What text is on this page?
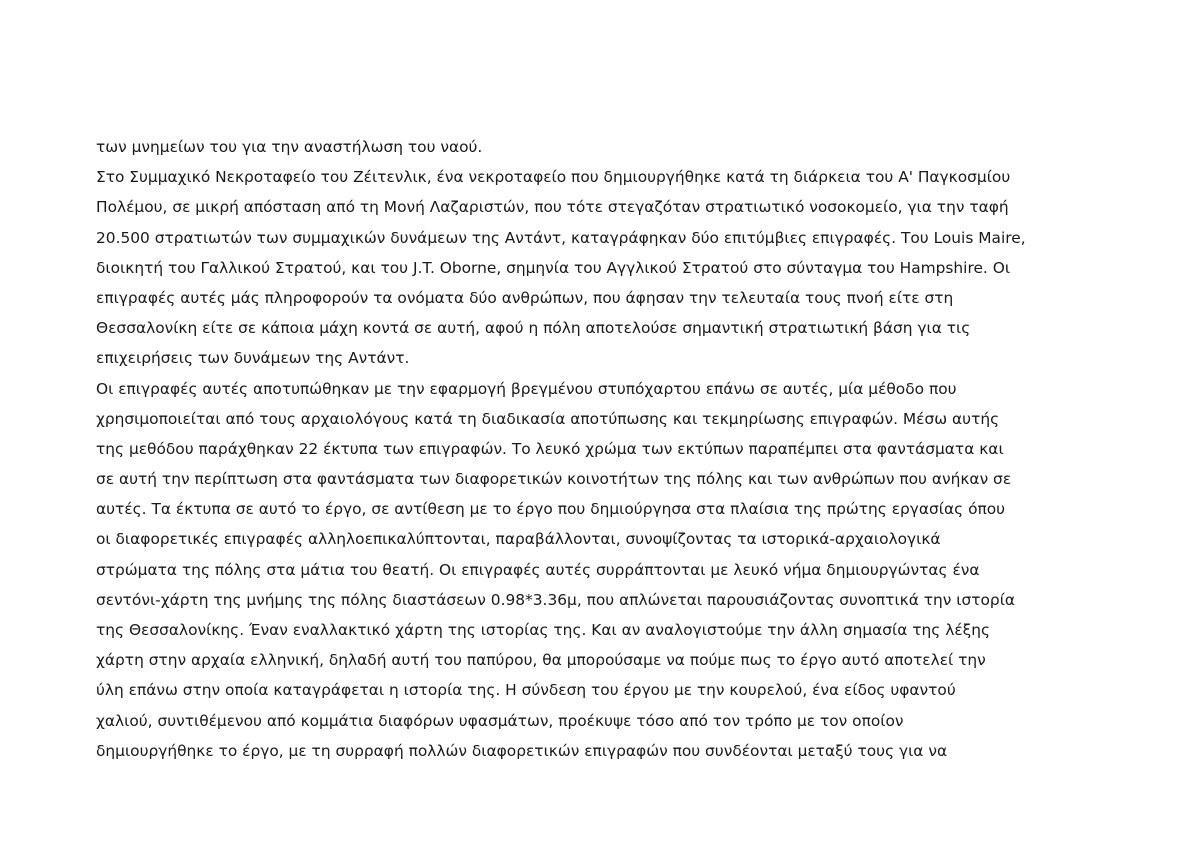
των μνημείων του για την αναστήλωση του ναού.
Στο Συμμαχικό Νεκροταφείο του Ζέιτενλικ, ένα νεκροταφείο που δημιουργήθηκε κατά τη διάρκεια του Α' Παγκοσμίου
Πολέμου, σε μικρή απόσταση από τη Μονή Λαζαριστών, που τότε στεγαζόταν στρατιωτικό νοσοκομείο, για την ταφή
20.500 στρατιωτών των συμμαχικών δυνάμεων της Αντάντ, καταγράφηκαν δύο επιτύμβιες επιγραφές. Του Louis Maire,
διοικητή του Γαλλικού Στρατού, και του J.T. Oborne, σημηνία του Αγγλικού Στρατού στο σύνταγμα του Hampshire. Οι
επιγραφές αυτές μάς πληροφορούν τα ονόματα δύο ανθρώπων, που άφησαν την τελευταία τους πνοή είτε στη
Θεσσαλονίκη είτε σε κάποια μάχη κοντά σε αυτή, αφού η πόλη αποτελούσε σημαντική στρατιωτική βάση για τις
επιχειρήσεις των δυνάμεων της Αντάντ.
Οι επιγραφές αυτές αποτυπώθηκαν με την εφαρμογή βρεγμένου στυπόχαρτου επάνω σε αυτές, μία μέθοδο που
χρησιμοποιείται από τους αρχαιολόγους κατά τη διαδικασία αποτύπωσης και τεκμηρίωσης επιγραφών. Μέσω αυτής
της μεθόδου παράχθηκαν 22 έκτυπα των επιγραφών. Το λευκό χρώμα των εκτύπων παραπέμπει στα φαντάσματα και
σε αυτή την περίπτωση στα φαντάσματα των διαφορετικών κοινοτήτων της πόλης και των ανθρώπων που ανήκαν σε
αυτές. Τα έκτυπα σε αυτό το έργο, σε αντίθεση με το έργο που δημιούργησα στα πλαίσια της πρώτης εργασίας όπου
οι διαφορετικές επιγραφές αλληλοεπικαλύπτονται, παραβάλλονται, συνοψίζοντας τα ιστορικά-αρχαιολογικά
στρώματα της πόλης στα μάτια του θεατή. Οι επιγραφές αυτές συρράπτονται με λευκό νήμα δημιουργώντας ένα
σεντόνι-χάρτη της μνήμης της πόλης διαστάσεων 0.98*3.36μ, που απλώνεται παρουσιάζοντας συνοπτικά την ιστορία
της Θεσσαλονίκης. Έναν εναλλακτικό χάρτη της ιστορίας της. Και αν αναλογιστούμε την άλλη σημασία της λέξης
χάρτη στην αρχαία ελληνική, δηλαδή αυτή του παπύρου, θα μπορούσαμε να πούμε πως το έργο αυτό αποτελεί την
ύλη επάνω στην οποία καταγράφεται η ιστορία της. Η σύνδεση του έργου με την κουρελού, ένα είδος υφαντού
χαλιού, συντιθέμενου από κομμάτια διαφόρων υφασμάτων, προέκυψε τόσο από τον τρόπο με τον οποίον
δημιουργήθηκε το έργο, με τη συρραφή πολλών διαφορετικών επιγραφών που συνδέονται μεταξύ τους για να
